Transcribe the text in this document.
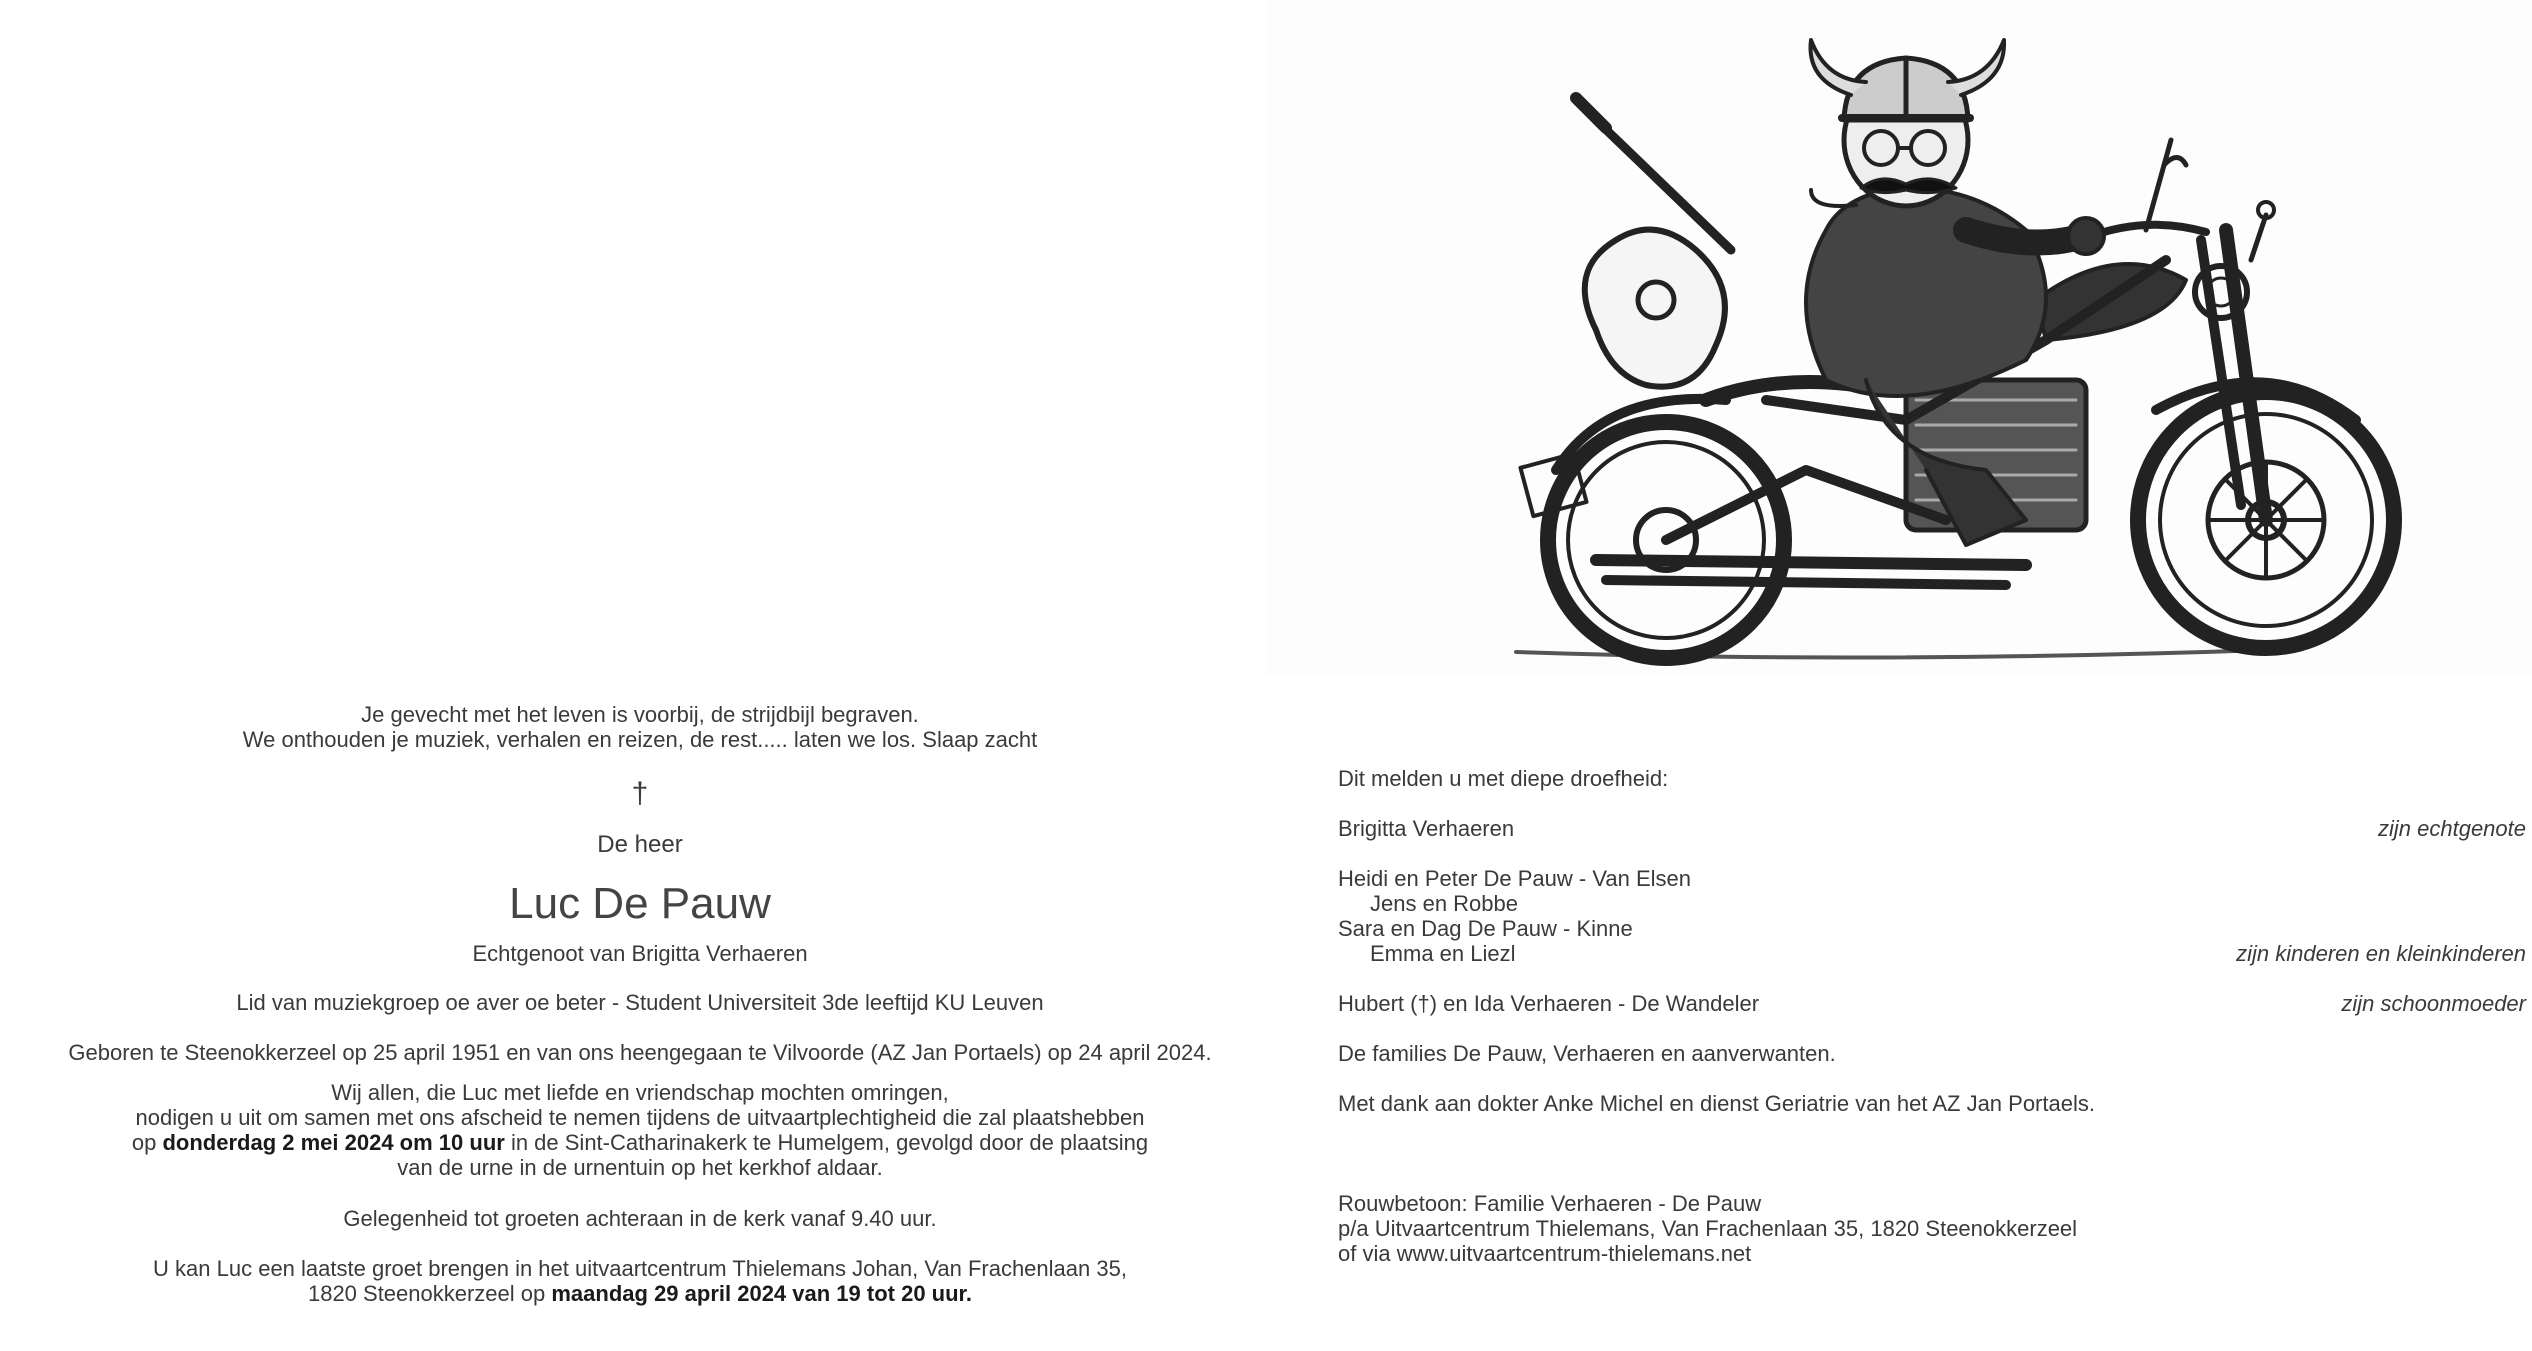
Je gevecht met het leven is voorbij, de strijdbijl begraven.

We onthouden je muziek, verhalen en reizen, de rest..... laten we los. Slaap zacht

†
De heer
Luc De Pauw
Echtgenoot van Brigitta Verhaeren
Lid van muziekgroep oe aver oe beter - Student Universiteit 3de leeftijd KU Leuven
Geboren te Steenokkerzeel op 25 april 1951 en van ons heengegaan te Vilvoorde (AZ Jan Portaels) op 24 april 2024.

Wij allen, die Luc met liefde en vriendschap mochten omringen,

nodigen u uit om samen met ons afscheid te nemen tijdens de uitvaartplechtigheid die zal plaatshebben

op donderdag 2 mei 2024 om 10 uur in de Sint-Catharinakerk te Humelgem, gevolgd door de plaatsing

van de urne in de urnentuin op het kerkhof aldaar.

Gelegenheid tot groeten achteraan in de kerk vanaf 9.40 uur.

U kan Luc een laatste groet brengen in het uitvaartcentrum Thielemans Johan, Van Frachenlaan 35,

1820 Steenokkerzeel op maandag 29 april 2024 van 19 tot 20 uur.

Dit melden u met diepe droefheid:
Brigitta Verhaeren	zijn echtgenote
Heidi en Peter De Pauw - Van Elsen
Jens en Robbe
Sara en Dag De Pauw - Kinne
Emma en Liezl	zijn kinderen en kleinkinderen
Hubert (†) en Ida Verhaeren - De Wandeler	zijn schoonmoeder
De families De Pauw, Verhaeren en aanverwanten.
Met dank aan dokter Anke Michel en dienst Geriatrie van het AZ Jan Portaels.
Rouwbetoon: Familie Verhaeren - De Pauw
p/a Uitvaartcentrum Thielemans, Van Frachenlaan 35, 1820 Steenokkerzeel
of via www.uitvaartcentrum-thielemans.net
